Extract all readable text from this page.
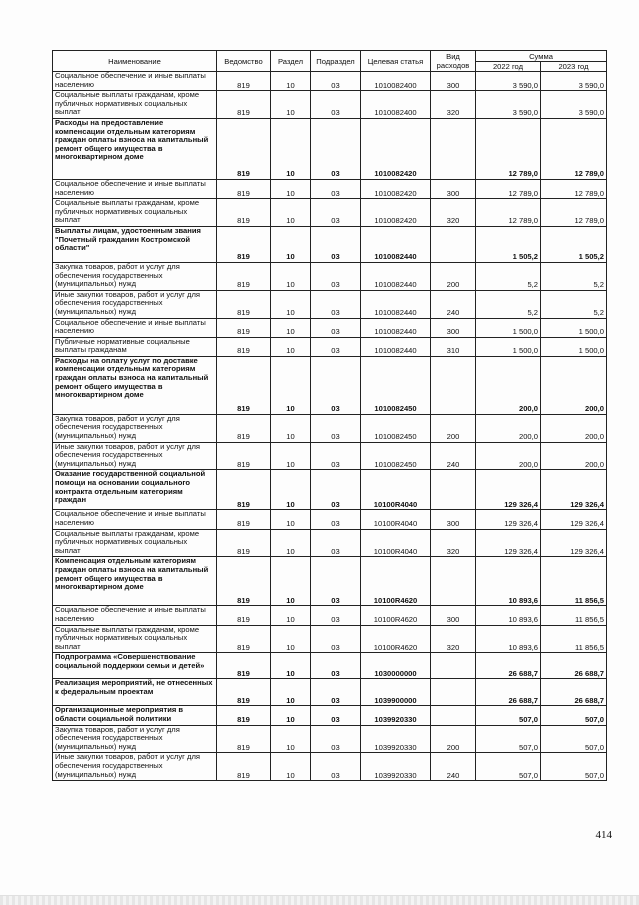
Наименование	Ведомство	Раздел	Подраздел	Целевая статья	Вид расходов	Сумма	
						2022 год	2023 год
Социальное обеспечение и иные выплаты населению	819	10	03	1010082400	300	3 590,0	3 590,0
Социальные выплаты гражданам, кроме публичных нормативных социальных выплат	819	10	03	1010082400	320	3 590,0	3 590,0
Расходы на предоставление компенсации отдельным категориям граждан оплаты взноса на капитальный ремонт общего имущества в многоквартирном доме	819	10	03	1010082420		12 789,0	12 789,0
Социальное обеспечение и иные выплаты населению	819	10	03	1010082420	300	12 789,0	12 789,0
Социальные выплаты гражданам, кроме публичных нормативных социальных выплат	819	10	03	1010082420	320	12 789,0	12 789,0
Выплаты лицам, удостоенным звания "Почетный гражданин Костромской области"	819	10	03	1010082440		1 505,2	1 505,2
Закупка товаров, работ и услуг для обеспечения государственных (муниципальных) нужд	819	10	03	1010082440	200	5,2	5,2
Иные закупки товаров, работ и услуг для обеспечения государственных (муниципальных) нужд	819	10	03	1010082440	240	5,2	5,2
Социальное обеспечение и иные выплаты населению	819	10	03	1010082440	300	1 500,0	1 500,0
Публичные нормативные социальные выплаты гражданам	819	10	03	1010082440	310	1 500,0	1 500,0
Расходы на оплату услуг по доставке компенсации отдельным категориям граждан оплаты взноса на капитальный ремонт общего имущества в многоквартирном доме	819	10	03	1010082450		200,0	200,0
Закупка товаров, работ и услуг для обеспечения государственных (муниципальных) нужд	819	10	03	1010082450	200	200,0	200,0
Иные закупки товаров, работ и услуг для обеспечения государственных (муниципальных) нужд	819	10	03	1010082450	240	200,0	200,0
Оказание государственной социальной помощи на основании социального контракта отдельным категориям граждан	819	10	03	10100R4040		129 326,4	129 326,4
Социальное обеспечение и иные выплаты населению	819	10	03	10100R4040	300	129 326,4	129 326,4
Социальные выплаты гражданам, кроме публичных нормативных социальных выплат	819	10	03	10100R4040	320	129 326,4	129 326,4
Компенсация отдельным категориям граждан оплаты взноса на капитальный ремонт общего имущества в многоквартирном доме	819	10	03	10100R4620		10 893,6	11 856,5
Социальное обеспечение и иные выплаты населению	819	10	03	10100R4620	300	10 893,6	11 856,5
Социальные выплаты гражданам, кроме публичных нормативных социальных выплат	819	10	03	10100R4620	320	10 893,6	11 856,5
Подпрограмма «Совершенствование социальной поддержки семьи и детей»	819	10	03	1030000000		26 688,7	26 688,7
Реализация мероприятий, не отнесенных к федеральным проектам	819	10	03	1039900000		26 688,7	26 688,7
Организационные мероприятия в области социальной политики	819	10	03	1039920330		507,0	507,0
Закупка товаров, работ и услуг для обеспечения государственных (муниципальных) нужд	819	10	03	1039920330	200	507,0	507,0
Иные закупки товаров, работ и услуг для обеспечения государственных (муниципальных) нужд	819	10	03	1039920330	240	507,0	507,0
414
